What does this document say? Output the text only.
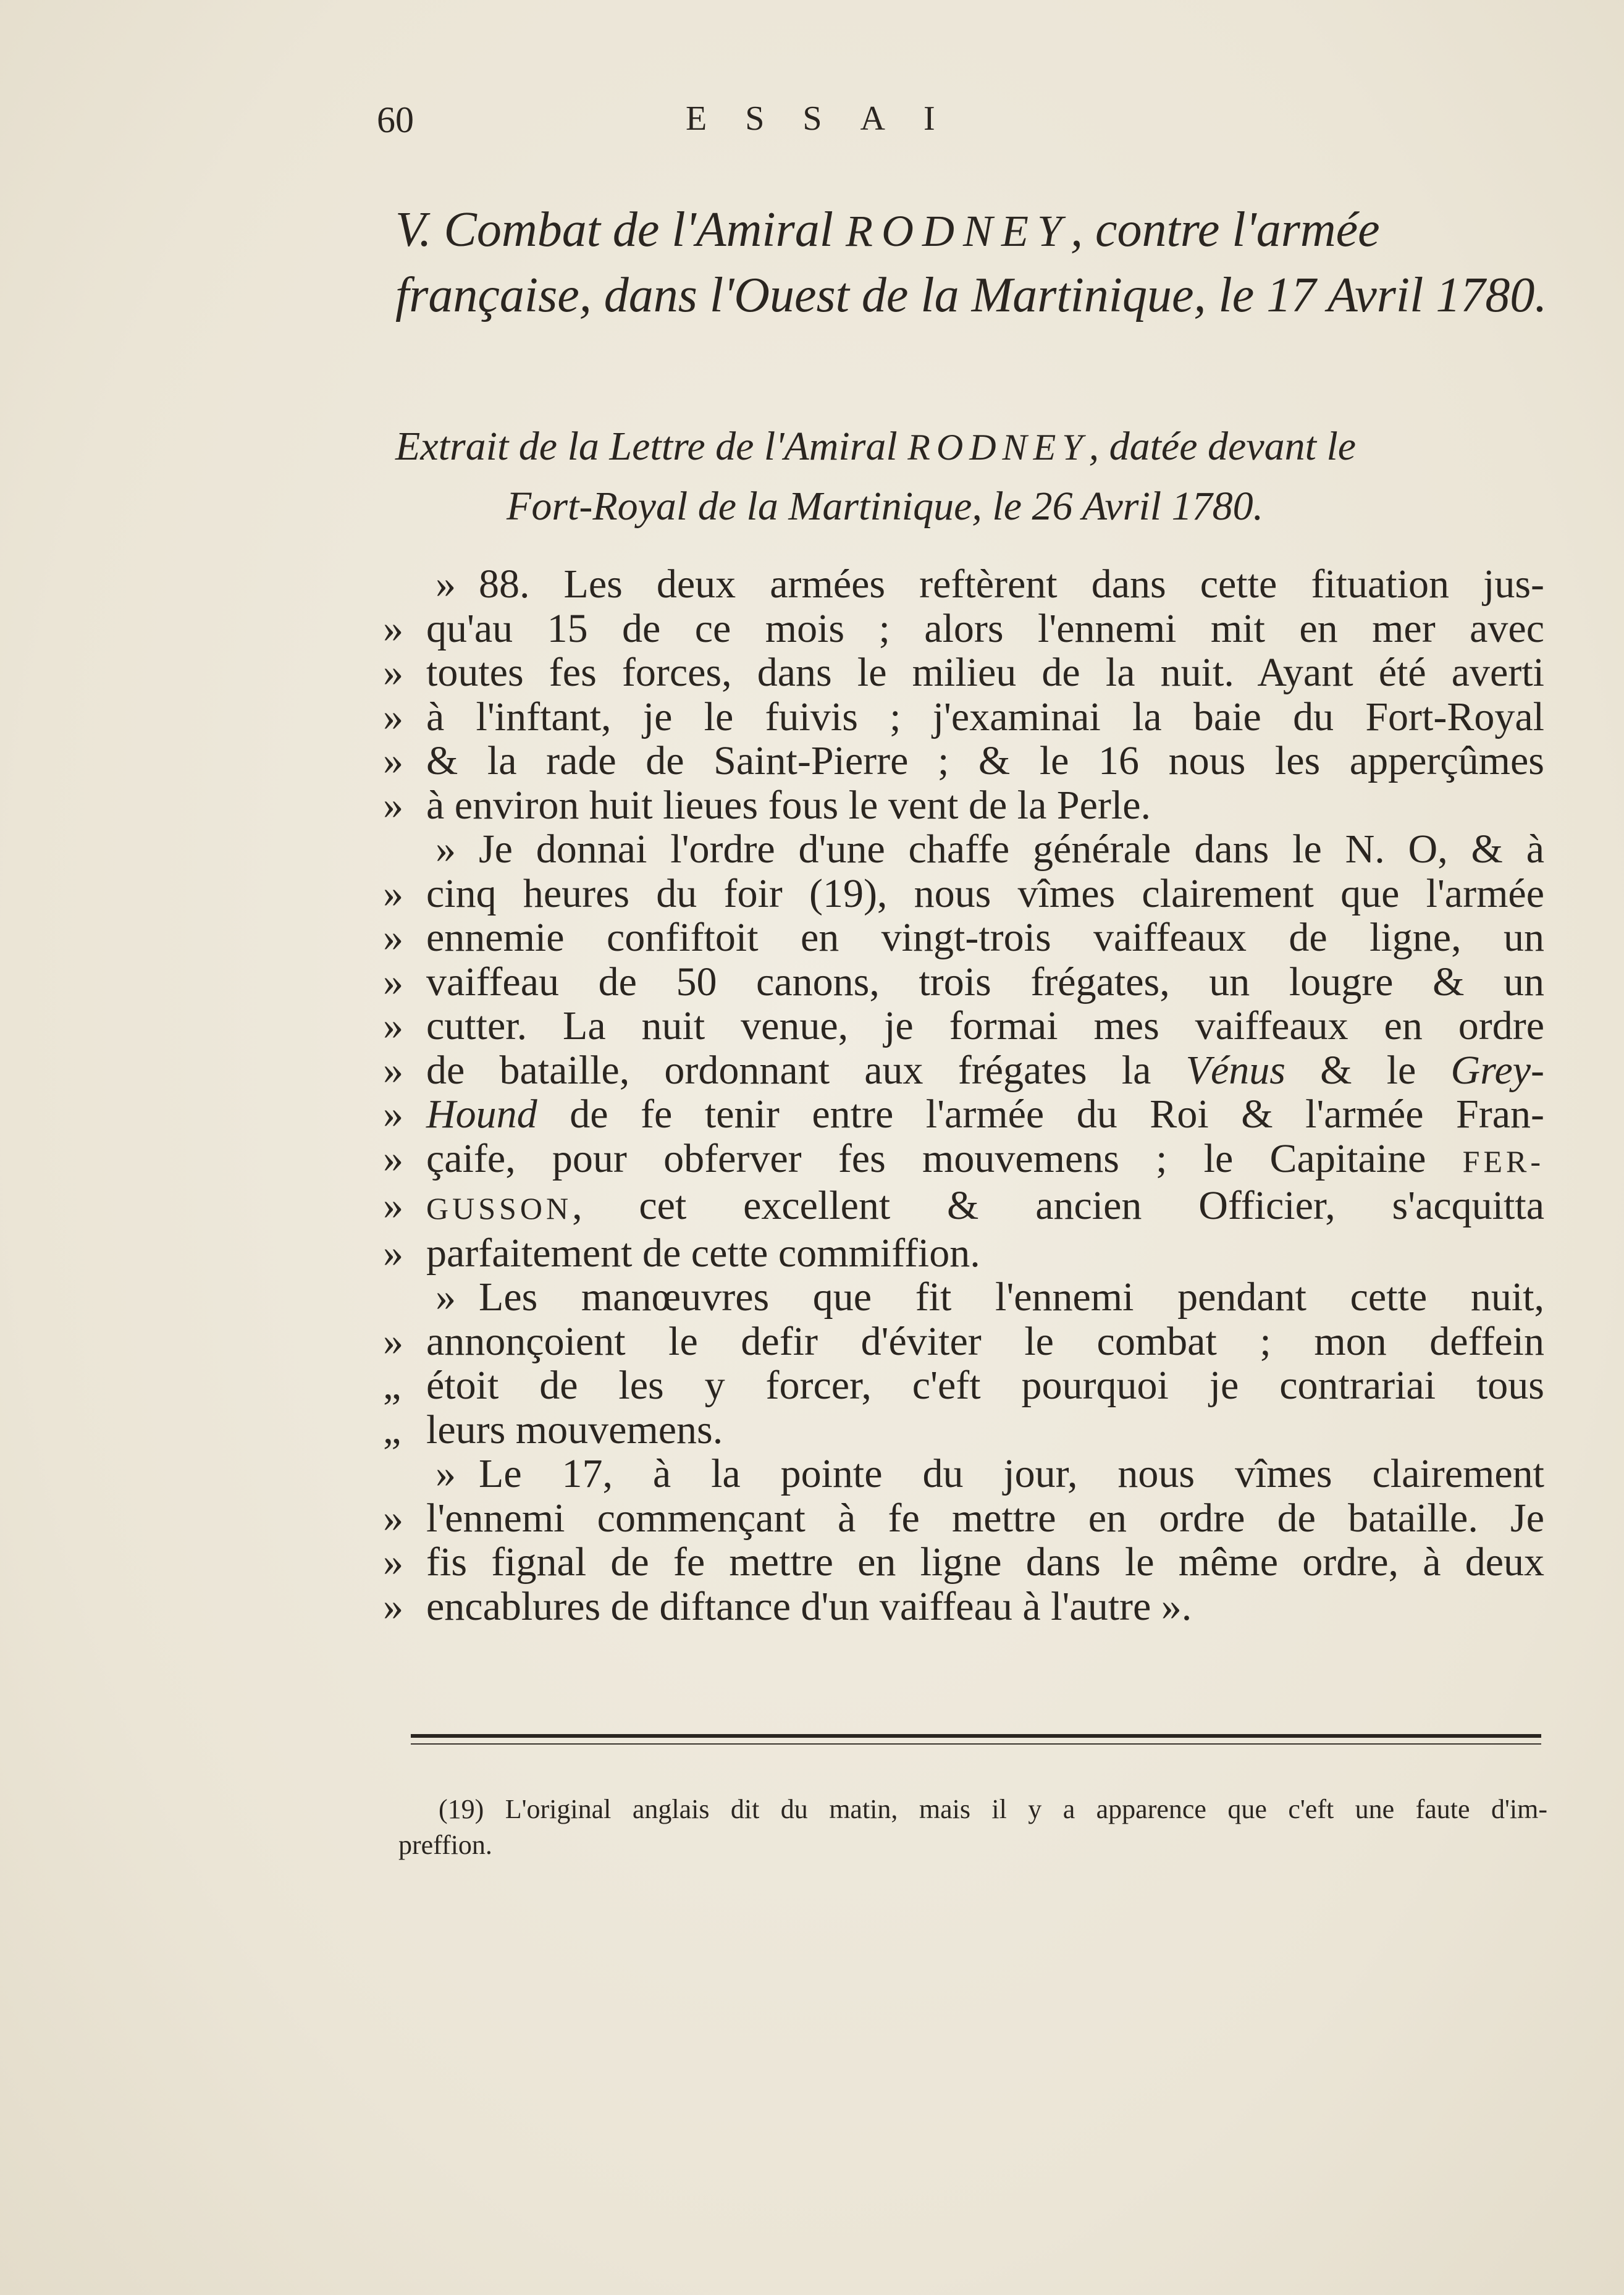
60	ESSAI
V. Combat de l'Amiral RODNEY, contre l'armée française, dans l'Ouest de la Martinique, le 17 Avril 1780.
Extrait de la Lettre de l'Amiral RODNEY, datée devant le
Fort-Royal de la Martinique, le 26 Avril 1780.
» 88. Les deux armées reftèrent dans cette fituation jus-
» qu'au 15 de ce mois ; alors l'ennemi mit en mer avec
» toutes fes forces, dans le milieu de la nuit. Ayant été averti
» à l'inftant, je le fuivis ; j'examinai la baie du Fort-Royal
» & la rade de Saint-Pierre ; & le 16 nous les apperçûmes
» à environ huit lieues fous le vent de la Perle.
» Je donnai l'ordre d'une chaffe générale dans le N. O, & à
» cinq heures du foir (19), nous vîmes clairement que l'armée
» ennemie confiftoit en vingt-trois vaiffeaux de ligne, un
» vaiffeau de 50 canons, trois frégates, un lougre & un
» cutter. La nuit venue, je formai mes vaiffeaux en ordre
» de bataille, ordonnant aux frégates la Vénus & le Grey-
» Hound de fe tenir entre l'armée du Roi & l'armée Fran-
» çaife, pour obferver fes mouvemens ; le Capitaine FER-
» GUSSON, cet excellent & ancien Officier, s'acquitta
» parfaitement de cette commiffion.
» Les manœuvres que fit l'ennemi pendant cette nuit,
» annonçoient le defir d'éviter le combat ; mon deffein
„ étoit de les y forcer, c'eft pourquoi je contrariai tous
„ leurs mouvemens.
» Le 17, à la pointe du jour, nous vîmes clairement
» l'ennemi commençant à fe mettre en ordre de bataille. Je
» fis fignal de fe mettre en ligne dans le même ordre, à deux
» encablures de diftance d'un vaiffeau à l'autre ».
(19) L'original anglais dit du matin, mais il y a apparence que c'eft une faute d'im-
preffion.
